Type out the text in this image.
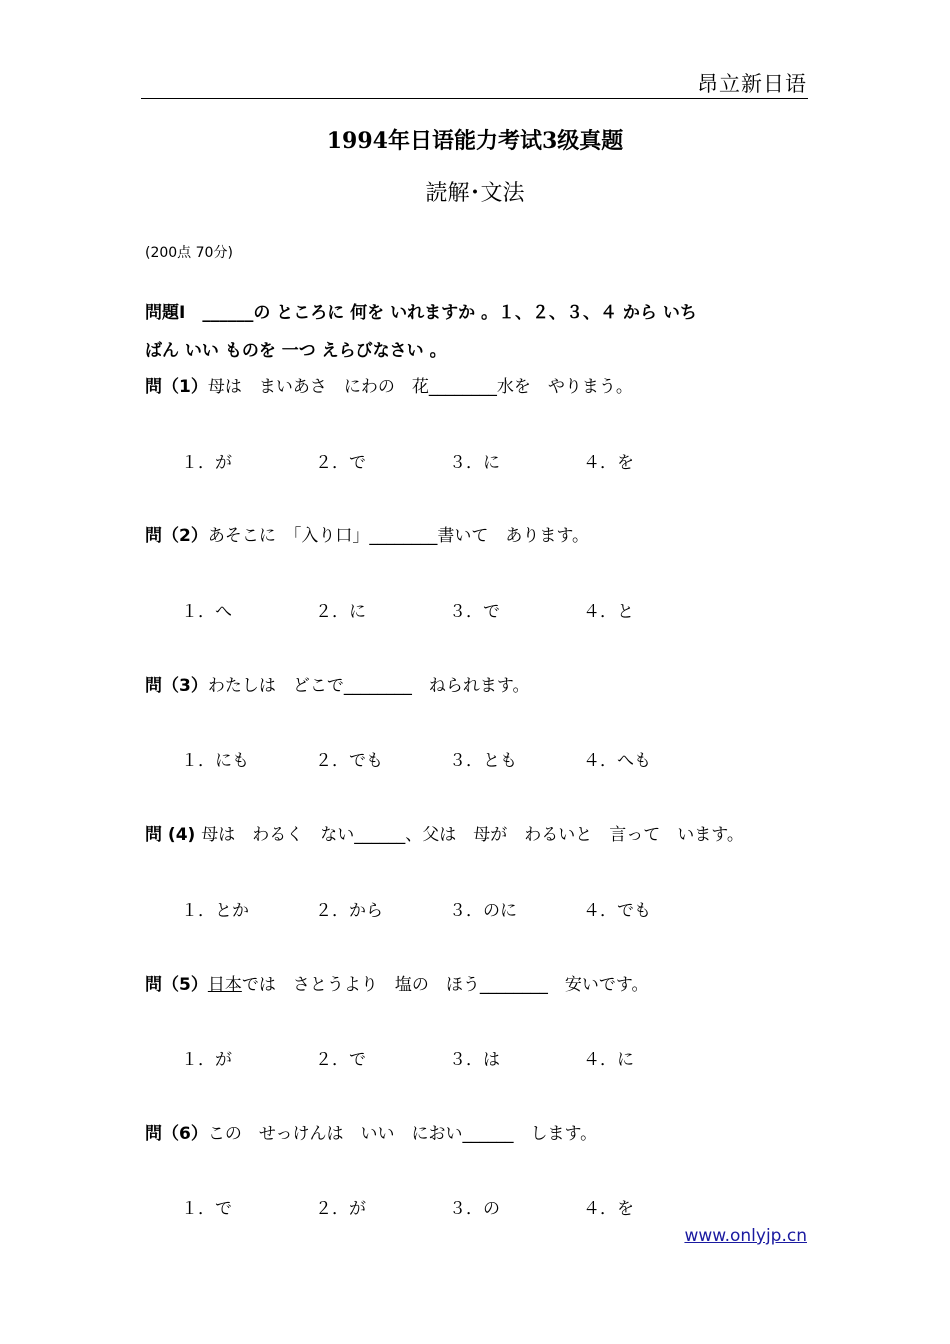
昂立新日语
1994年日语能力考试3级真题
読解･文法
(200点 70分)
問題Ⅰ　______の ところに 何を いれますか 。１、２、３、４ から いち
ばん いい ものを 一つ えらびなさい 。
問（1）母は　まいあさ　にわの　花________水を　やりまう。
１．が	２．で	３．に	４．を
問（2）あそこに　「入り口」________書いて　あります。
１．へ	２．に	３．で	４．と
問（3）わたしは　どこで________　ねられます。
１．にも	２．でも	３．とも	４．へも
問 (4) 母は　わるく　ない______、父は　母が　わるいと　言って　います。
１．とか	２．から	３．のに	４．でも
問（5）日本では　さとうより　塩の　ほう________　安いです。
１．が	２．で	３．は	４．に
問（6）この　せっけんは　いい　におい______　します。
１．で	２．が	３．の	４．を
www.onlyjp.cn
